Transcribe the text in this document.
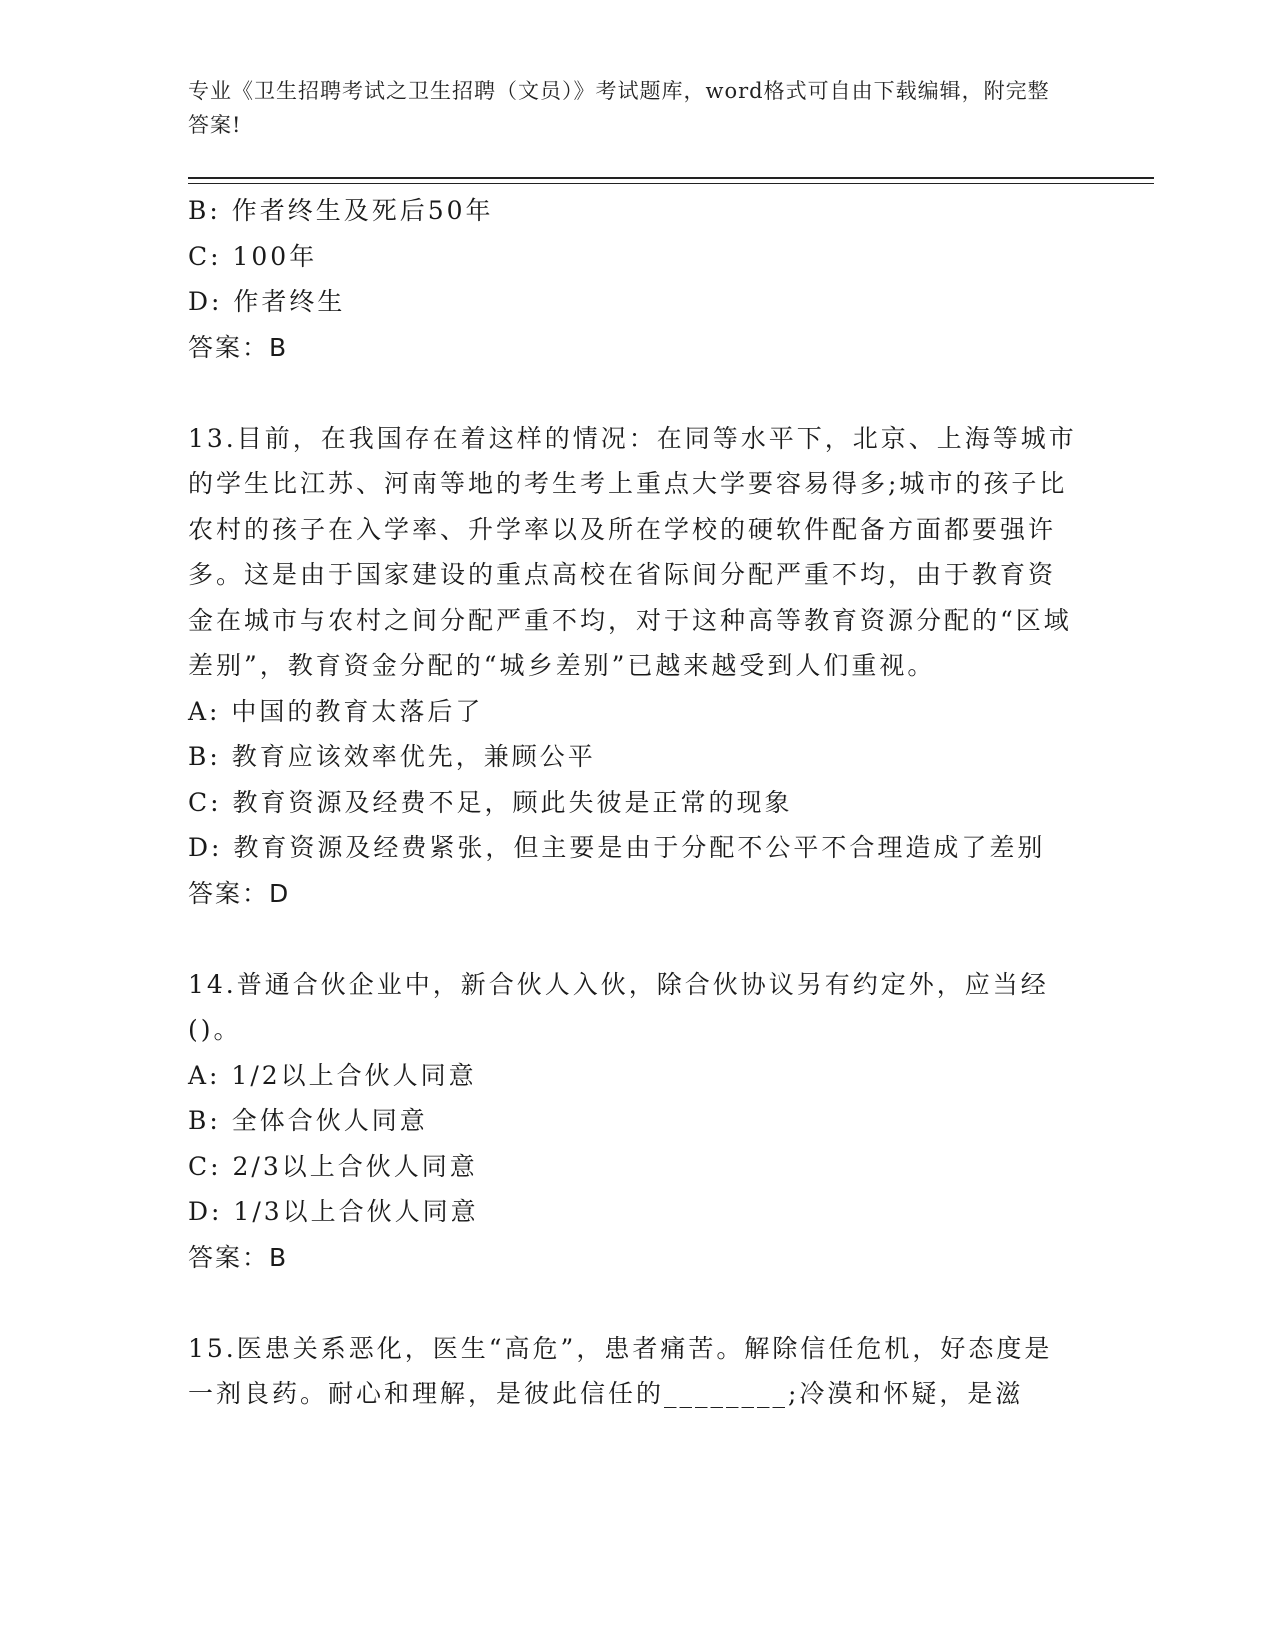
专业《卫生招聘考试之卫生招聘（文员）》考试题库，word格式可自由下载编辑，附完整答案!

B: 作者终生及死后50年

C: 100年

D: 作者终生

答案：B

13.目前，在我国存在着这样的情况：在同等水平下，北京、上海等城市的学生比江苏、河南等地的考生考上重点大学要容易得多;城市的孩子比农村的孩子在入学率、升学率以及所在学校的硬软件配备方面都要强许多。这是由于国家建设的重点高校在省际间分配严重不均，由于教育资金在城市与农村之间分配严重不均，对于这种高等教育资源分配的“区域差别”，教育资金分配的“城乡差别”已越来越受到人们重视。

A: 中国的教育太落后了

B: 教育应该效率优先，兼顾公平

C: 教育资源及经费不足，顾此失彼是正常的现象

D: 教育资源及经费紧张，但主要是由于分配不公平不合理造成了差别

答案：D

14.普通合伙企业中，新合伙人入伙，除合伙协议另有约定外，应当经()。

A: 1/2以上合伙人同意

B: 全体合伙人同意

C: 2/3以上合伙人同意

D: 1/3以上合伙人同意

答案：B

15.医患关系恶化，医生“高危”，患者痛苦。解除信任危机，好态度是一剂良药。耐心和理解，是彼此信任的________;冷漠和怀疑，是滋
